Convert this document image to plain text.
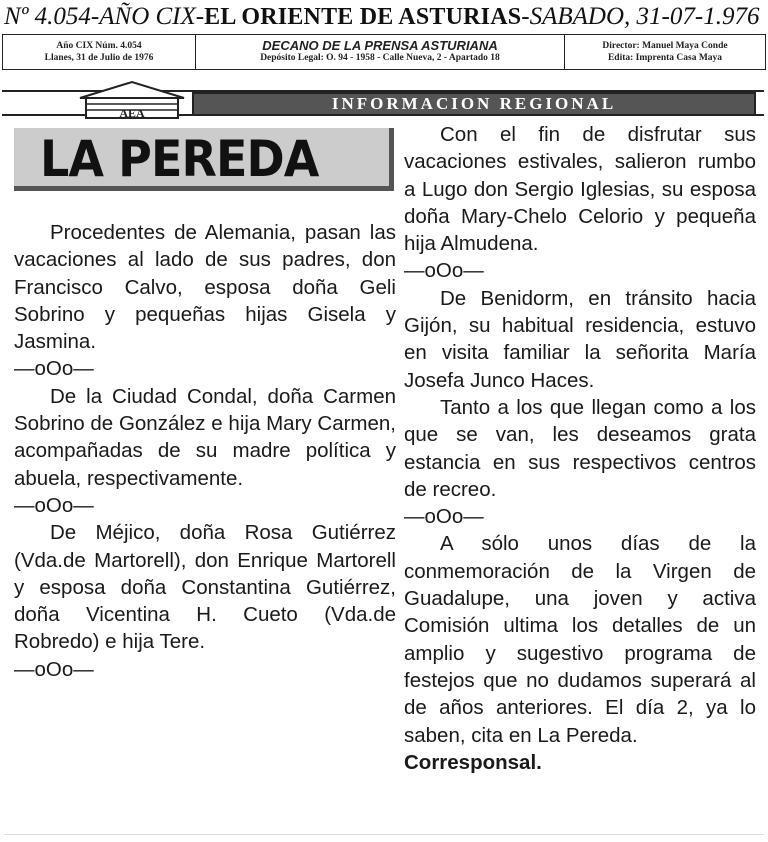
Nº 4.054-AÑO CIX-EL ORIENTE DE ASTURIAS-SABADO, 31-07-1.976
Año CIX Núm. 4.054
Llanes, 31 de Julio de 1976
DECANO DE LA PRENSA ASTURIANA
Depósito Legal: O. 94 - 1958 - Calle Nueva, 2 - Apartado 18
Director: Manuel Maya Conde
Edita: Imprenta Casa Maya
INFORMACION REGIONAL
AEA
LA PEREDA

Procedentes de Alemania, pasan las vacaciones al lado de sus padres, don Francisco Calvo, esposa doña Geli Sobrino y pequeñas hijas Gisela y Jasmina.

—oOo—

De la Ciudad Condal, doña Carmen Sobrino de González e hija Mary Carmen, acompañadas de su madre política y abuela, respectivamente.

—oOo—

De Méjico, doña Rosa Gutiérrez (Vda.de Martorell), don Enrique Martorell y esposa doña Constantina Gutiérrez, doña Vicentina H. Cueto (Vda.de Robredo) e hija Tere.

—oOo—

Con el fin de disfrutar sus vacaciones estivales, salieron rumbo a Lugo don Sergio Iglesias, su esposa doña Mary-Chelo Celorio y pequeña hija Almudena.

—oOo—

De Benidorm, en tránsito hacia Gijón, su habitual residencia, estuvo en visita familiar la señorita María Josefa Junco Haces.

Tanto a los que llegan como a los que se van, les deseamos grata estancia en sus respectivos centros de recreo.

—oOo—

A sólo unos días de la conmemoración de la Virgen de Guadalupe, una joven y activa Comisión ultima los detalles de un amplio y sugestivo programa de festejos que no dudamos superará al de años anteriores. El día 2, ya lo saben, cita en La Pereda.

Corresponsal.
